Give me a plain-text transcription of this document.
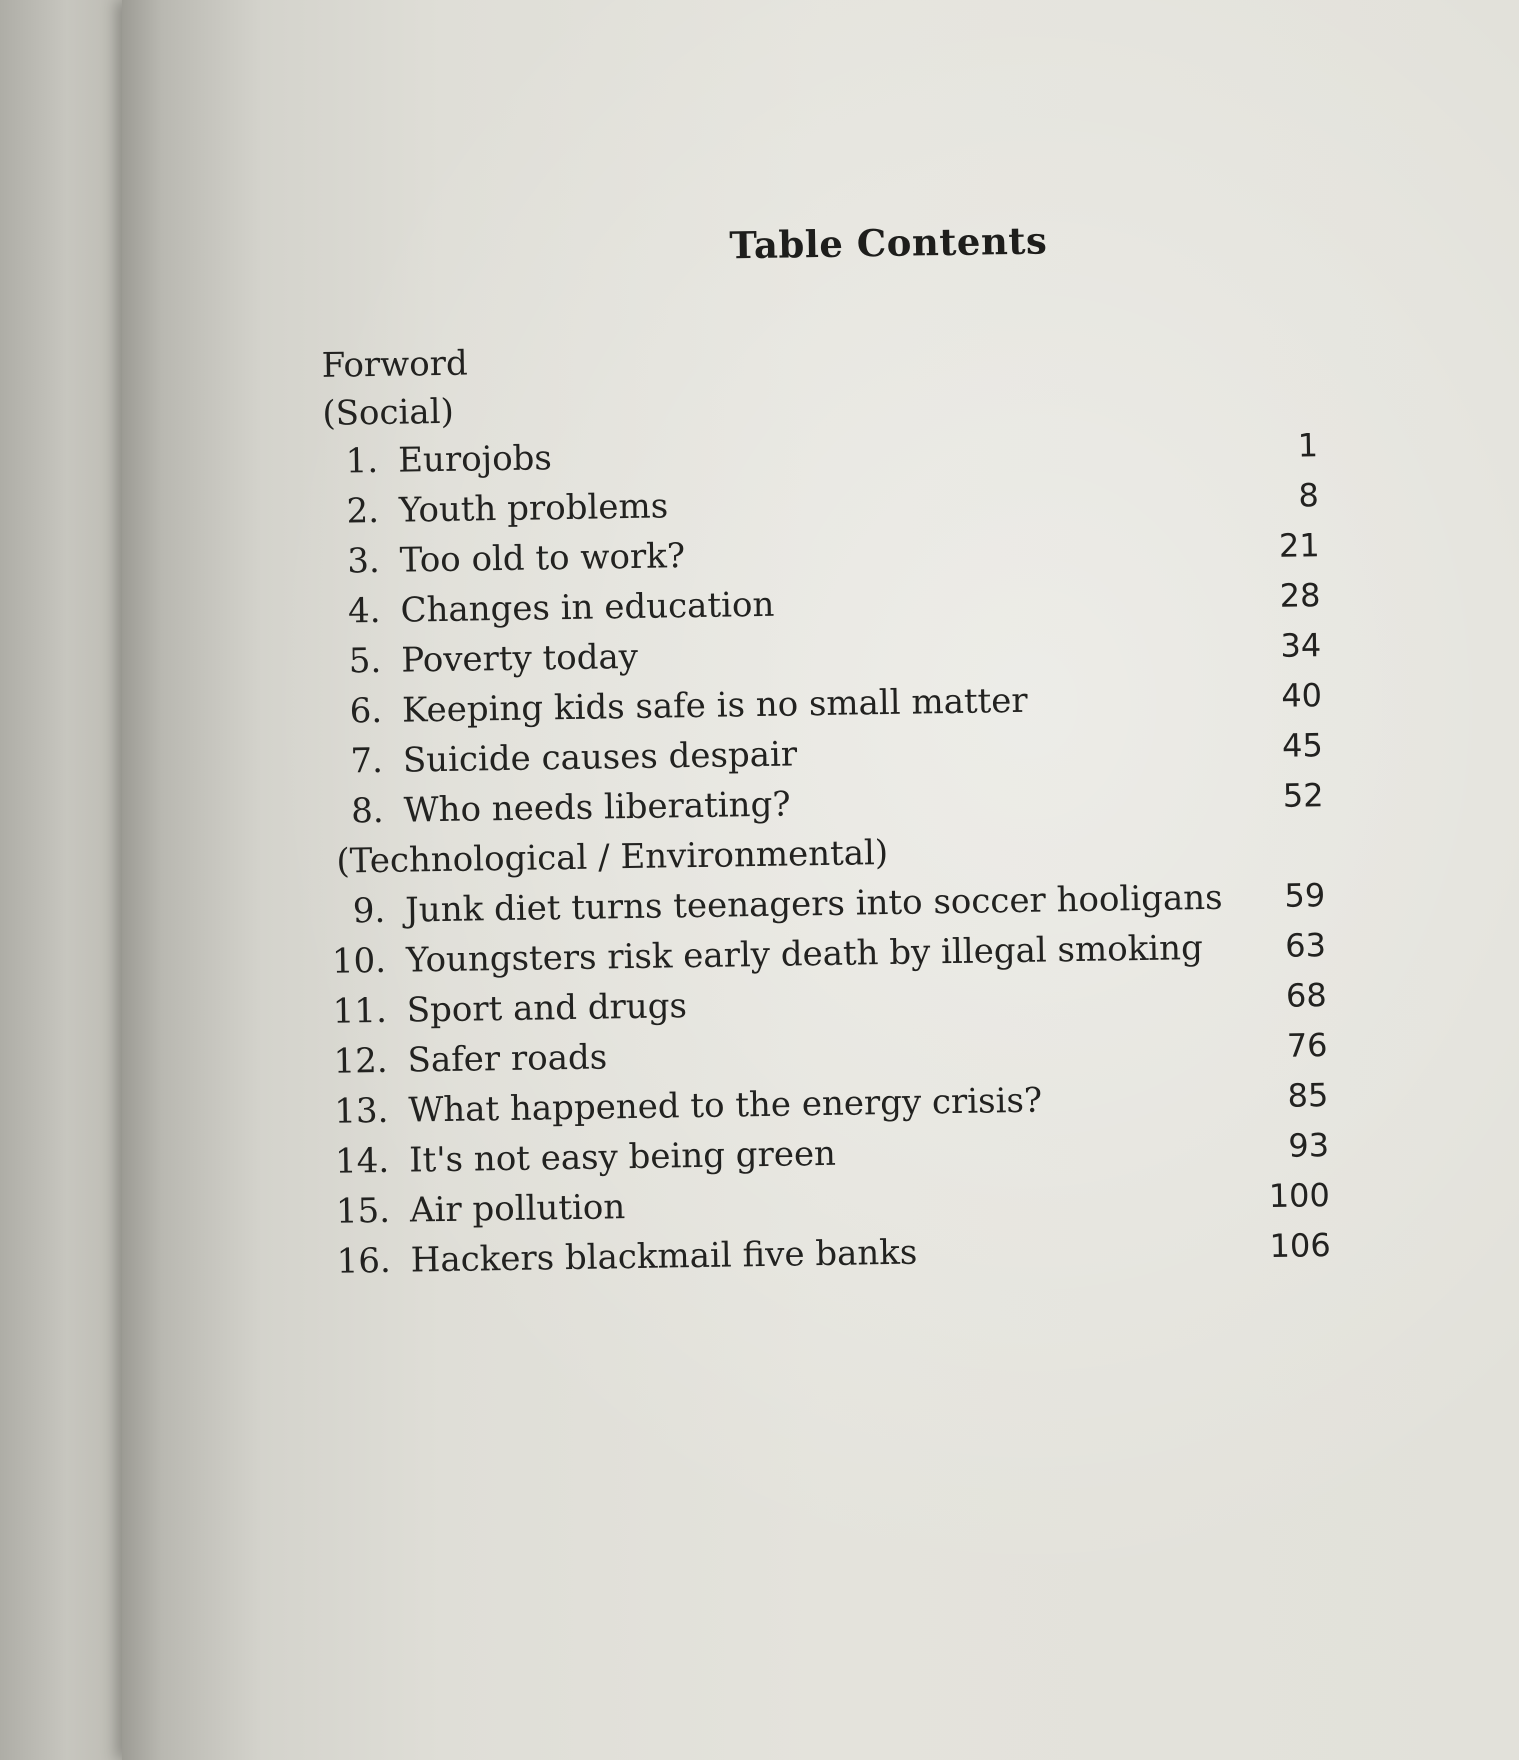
Table Contents
Forword
(Social)
1. Eurojobs	1
2. Youth problems	8
3. Too old to work?	21
4. Changes in education	28
5. Poverty today	34
6. Keeping kids safe is no small matter	40
7. Suicide causes despair	45
8. Who needs liberating?	52
(Technological / Environmental)
9. Junk diet turns teenagers into soccer hooligans 59
10. Youngsters risk early death by illegal smoking	63
11. Sport and drugs	68
12. Safer roads	76
13. What happened to the energy crisis?	85
14. It's not easy being green	93
15. Air pollution	100
16. Hackers blackmail five banks	106
